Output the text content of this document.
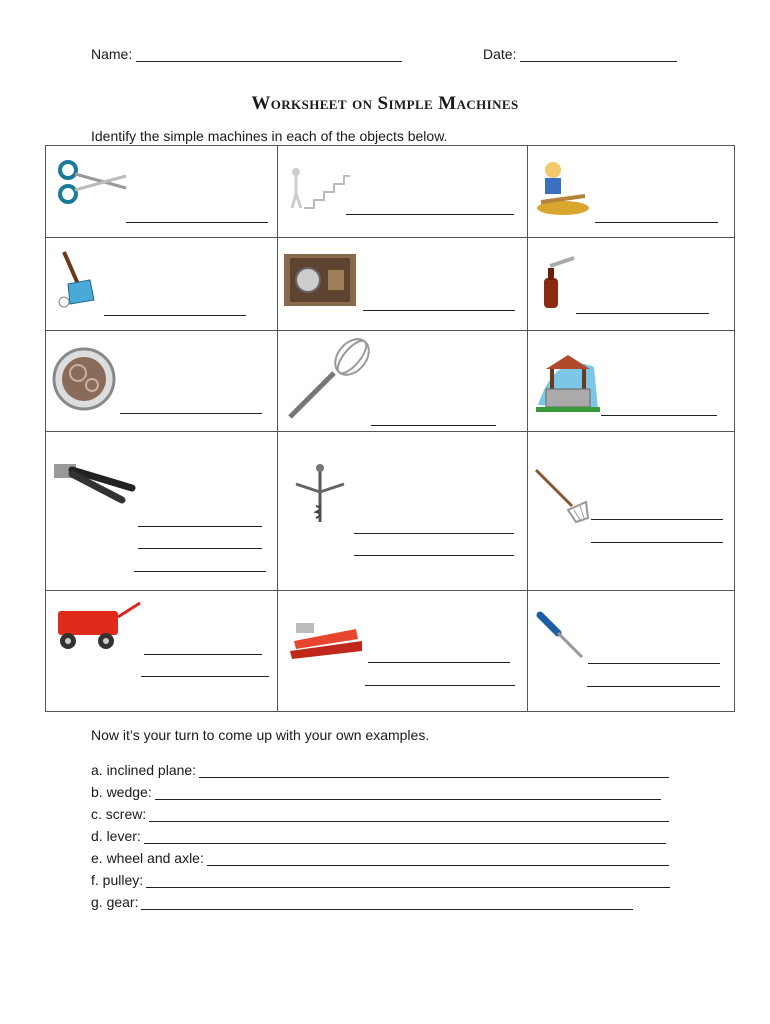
Name:	Date:
Worksheet on Simple Machines
Identify the simple machines in each of the objects below.

Now it’s your turn to come up with your own examples.
a. inclined plane:
b. wedge:
c. screw:
d. lever:
e. wheel and axle:
f. pulley:
g. gear:
